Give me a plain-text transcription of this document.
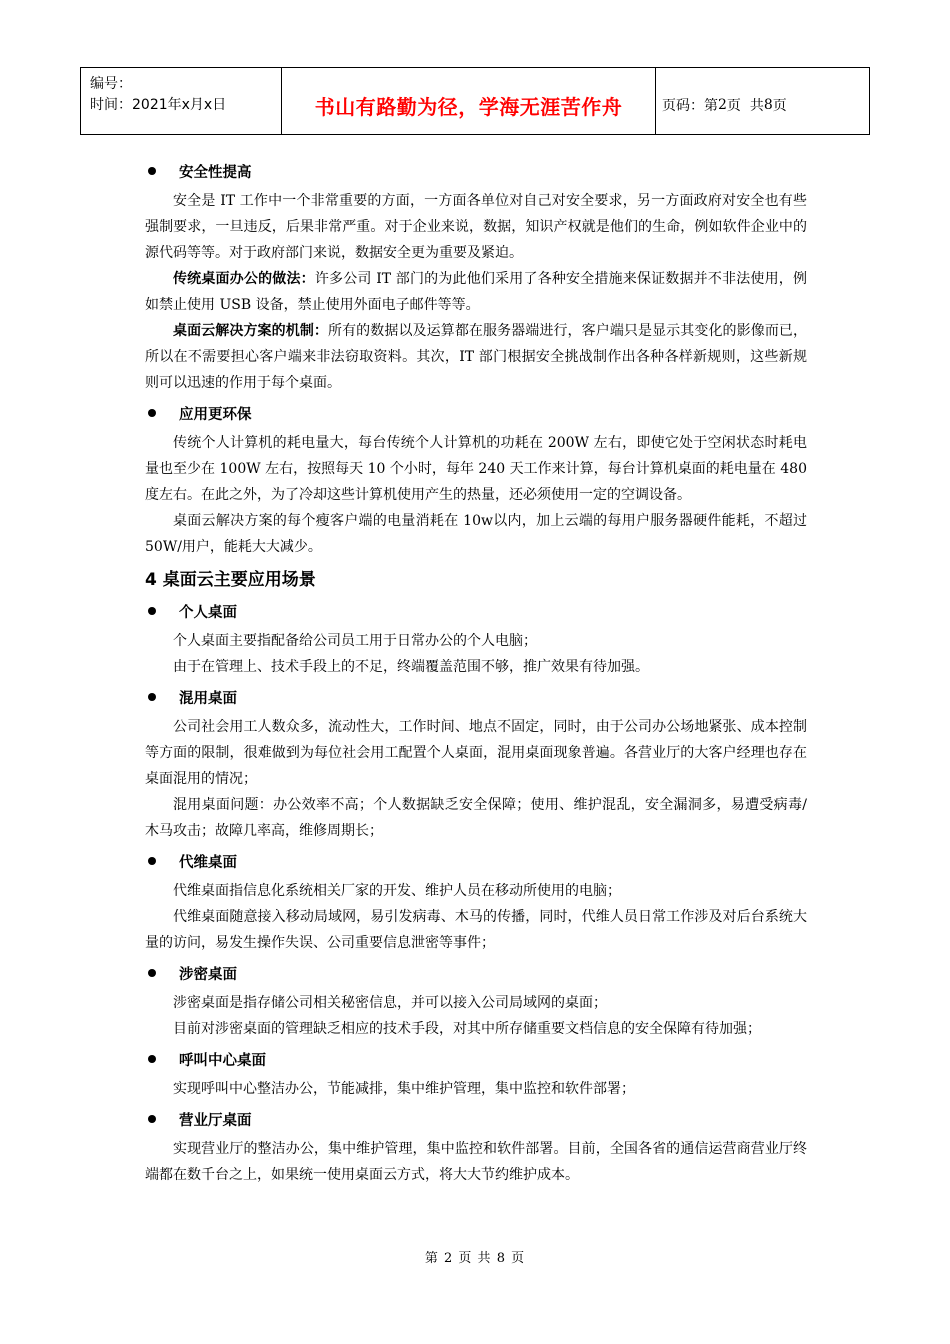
编号：
时间：2021年x月x日	书山有路勤为径，学海无涯苦作舟	页码：第 2 页  共 8 页
安全性提高

安全是 IT 工作中一个非常重要的方面，一方面各单位对自己对安全要求，另一方面政府对安全也有些强制要求，一旦违反，后果非常严重。对于企业来说，数据，知识产权就是他们的生命，例如软件企业中的源代码等等。对于政府部门来说，数据安全更为重要及紧迫。

传统桌面办公的做法：许多公司 IT 部门的为此他们采用了各种安全措施来保证数据并不非法使用，例如禁止使用 USB 设备，禁止使用外面电子邮件等等。

桌面云解决方案的机制：所有的数据以及运算都在服务器端进行，客户端只是显示其变化的影像而已，所以在不需要担心客户端来非法窃取资料。其次，IT 部门根据安全挑战制作出各种各样新规则，这些新规则可以迅速的作用于每个桌面。

应用更环保

传统个人计算机的耗电量大，每台传统个人计算机的功耗在 200W 左右，即使它处于空闲状态时耗电量也至少在 100W 左右，按照每天 10 个小时，每年 240 天工作来计算，每台计算机桌面的耗电量在 480 度左右。在此之外，为了冷却这些计算机使用产生的热量，还必须使用一定的空调设备。

桌面云解决方案的每个瘦客户端的电量消耗在 10w以内，加上云端的每用户服务器硬件能耗，不超过50W/用户，能耗大大减少。

4 桌面云主要应用场景
个人桌面

个人桌面主要指配备给公司员工用于日常办公的个人电脑；

由于在管理上、技术手段上的不足，终端覆盖范围不够，推广效果有待加强。

混用桌面

公司社会用工人数众多，流动性大，工作时间、地点不固定，同时，由于公司办公场地紧张、成本控制等方面的限制，很难做到为每位社会用工配置个人桌面，混用桌面现象普遍。各营业厅的大客户经理也存在桌面混用的情况；

混用桌面问题：办公效率不高；个人数据缺乏安全保障；使用、维护混乱，安全漏洞多，易遭受病毒/木马攻击；故障几率高，维修周期长；

代维桌面

代维桌面指信息化系统相关厂家的开发、维护人员在移动所使用的电脑；

代维桌面随意接入移动局域网，易引发病毒、木马的传播，同时，代维人员日常工作涉及对后台系统大量的访问，易发生操作失误、公司重要信息泄密等事件；

涉密桌面

涉密桌面是指存储公司相关秘密信息，并可以接入公司局域网的桌面；

目前对涉密桌面的管理缺乏相应的技术手段，对其中所存储重要文档信息的安全保障有待加强；

呼叫中心桌面

实现呼叫中心整洁办公，节能减排，集中维护管理，集中监控和软件部署；

营业厅桌面

实现营业厅的整洁办公，集中维护管理，集中监控和软件部署。目前，全国各省的通信运营商营业厅终端都在数千台之上，如果统一使用桌面云方式，将大大节约维护成本。

第 2 页 共 8 页
